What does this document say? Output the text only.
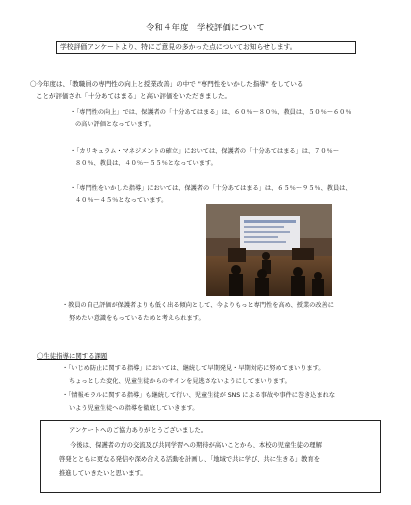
令和４年度　学校評価について
学校評価アンケートより、特にご意見の多かった点についてお知らせします。
〇今年度は、「教職員の専門性の向上と授業改善」の中で "専門性をいかした指導" をしている
ことが評価され「十分あてはまる」と高い評価をいただきました。
・「専門性の向上」では、保護者の「十分あてはまる」は、６０％～８０％、教員は、５０％～６０％
の高い評価となっています。
・「カリキュラム・マネジメントの確立」においては、保護者の「十分あてはまる」は、７０％～
８０％、教員は、４０％～５５％となっています。
・「専門性をいかした指導」においては、保護者の「十分あてはまる」は、６５％～９５％、教員は、
４０％～４５％となっています。
・教員の自己評価が保護者よりも低く出る傾向として、今よりもっと専門性を高め、授業の改善に
努めたい意識をもっているためと考えられます。
〇生徒指導に関する課題
・「いじめ防止に関する指導」においては、継続して早期発見・早期対応に努めてまいります。
ちょっとした変化、児童生徒からのサインを見逃さないようにしてまいります。
・「情報モラルに関する指導」も継続して行い、児童生徒が SNS による事故や事件に巻き込まれな
いよう児童生徒への指導を徹底していきます。
アンケートへのご協力ありがとうございました。
今後は、保護者の方の交流及び共同学習への期待が高いことから、本校の児童生徒の理解
啓発とともに更なる発信や深め合える活動を計画し、「地域で共に学び、共に生きる」教育を
推進していきたいと思います。
